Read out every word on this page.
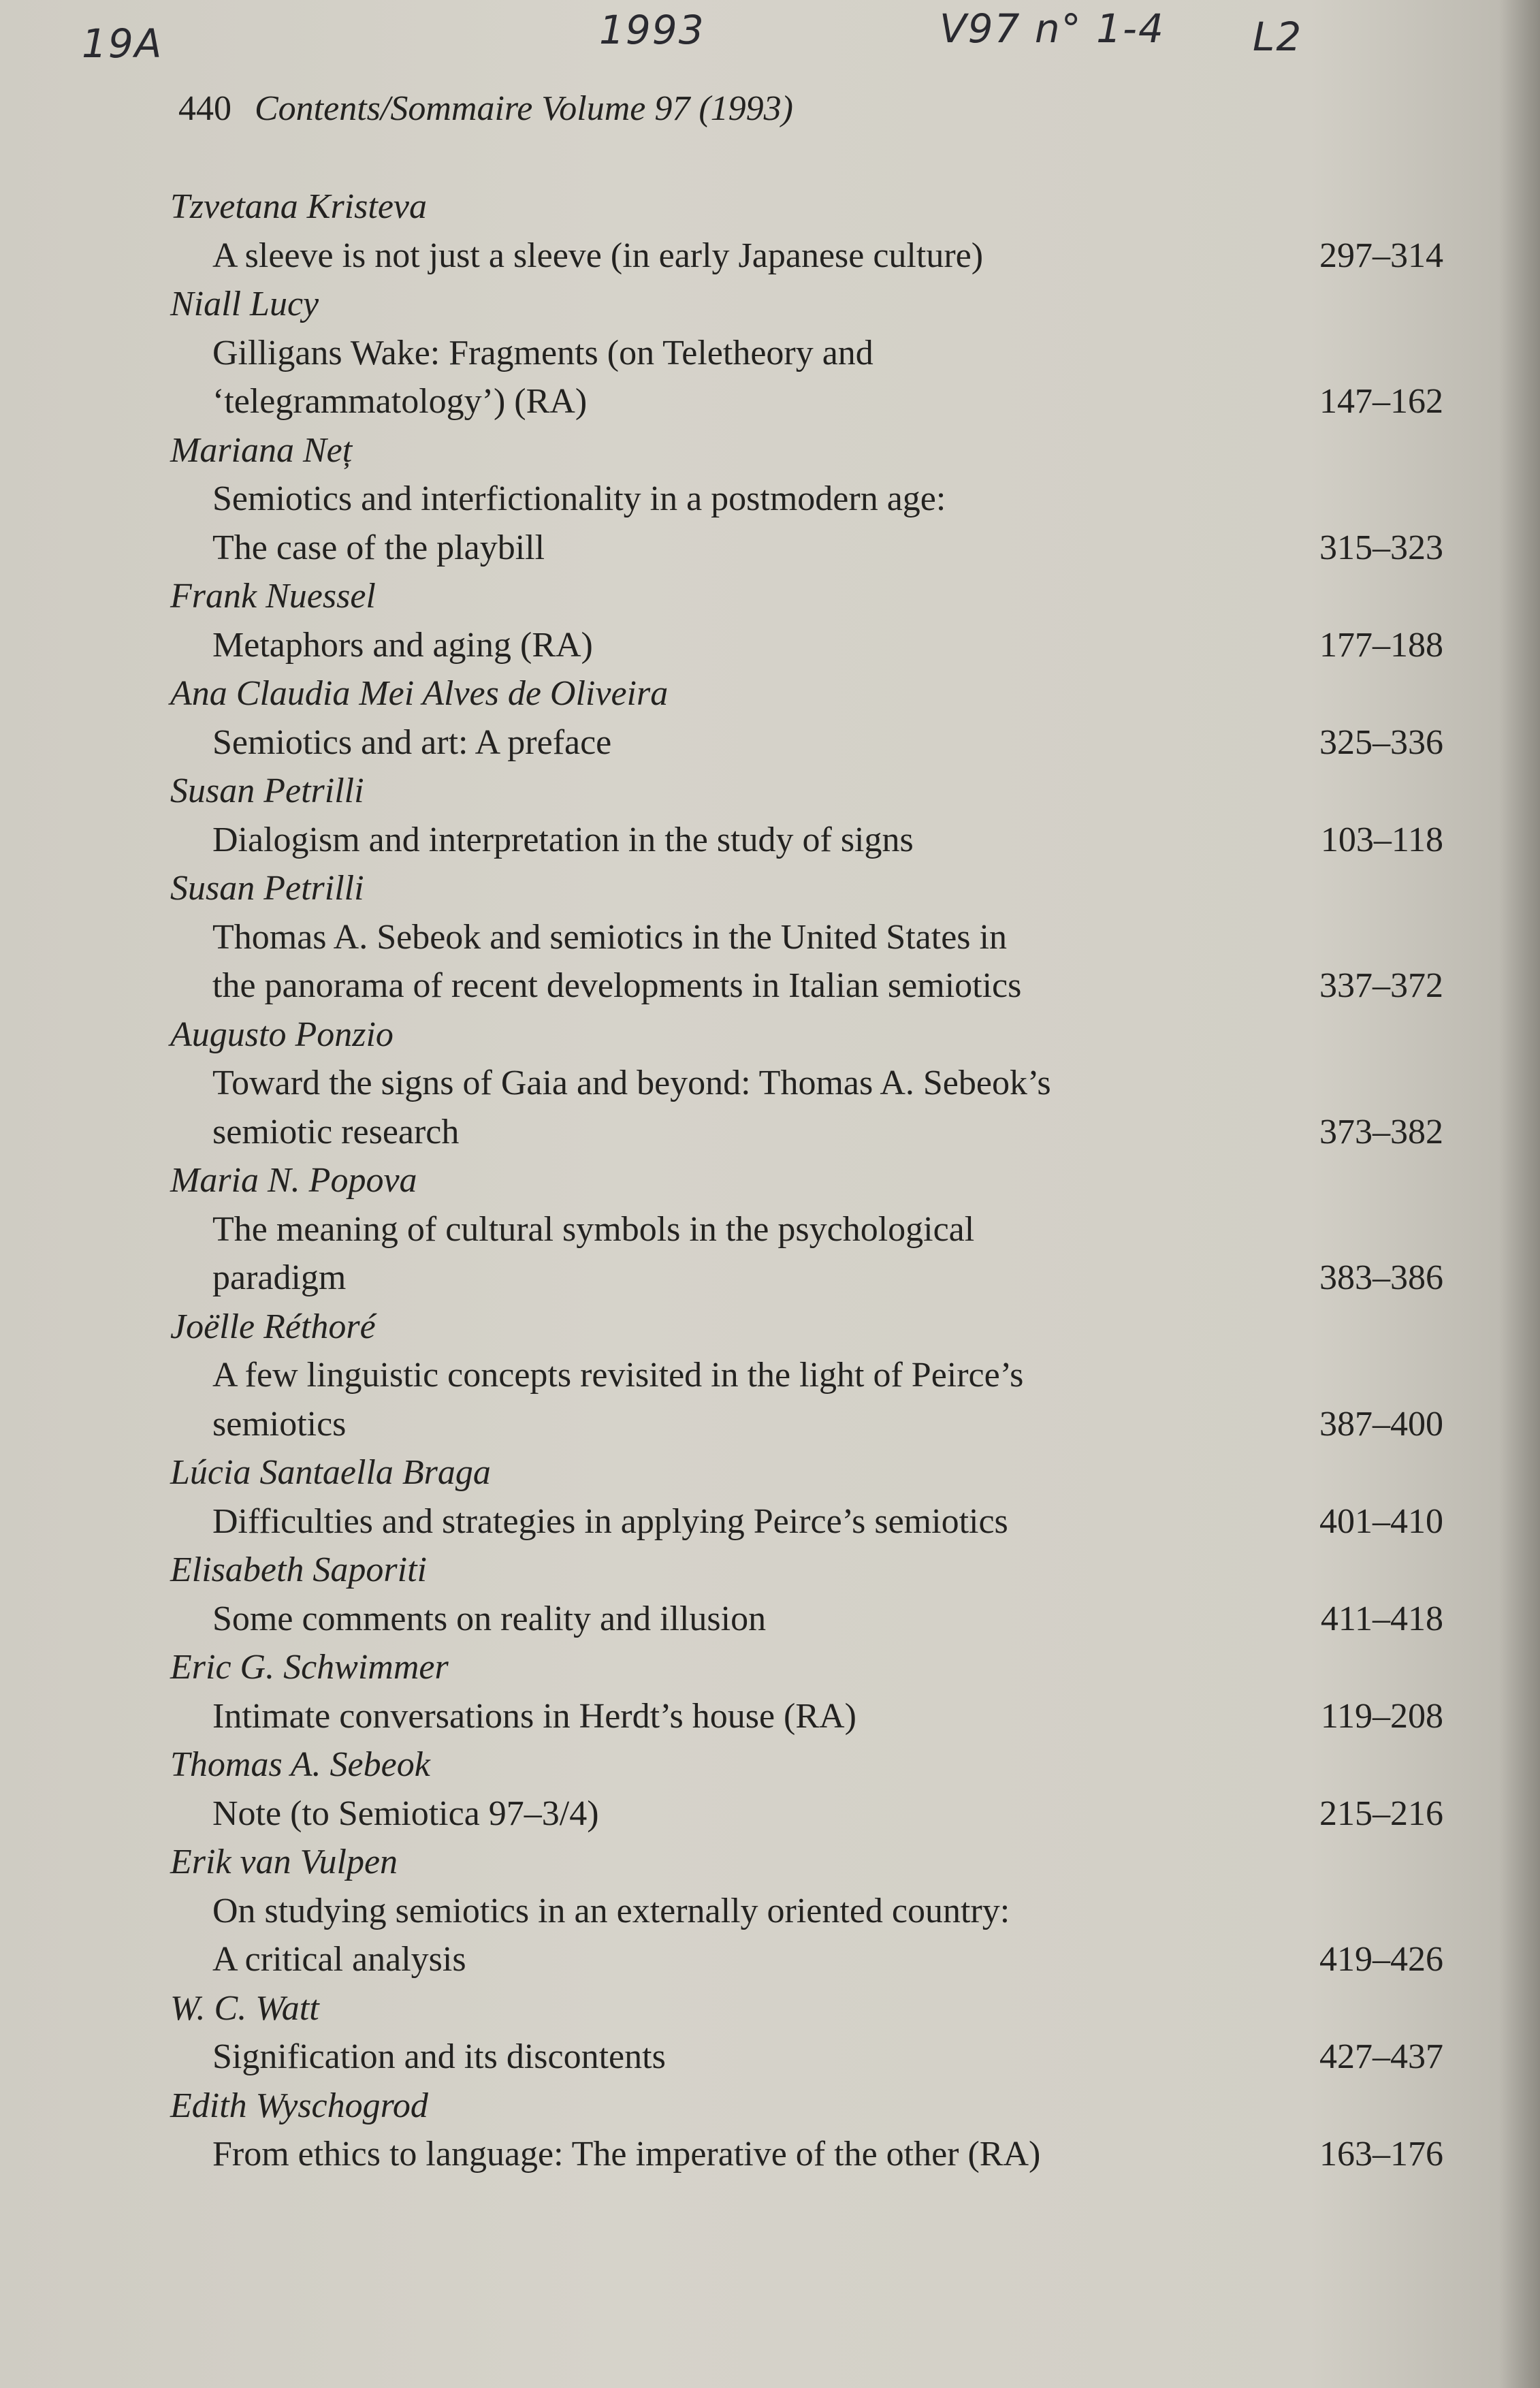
19A	1993	V97 n° 1-4 L2
440 Contents/Sommaire Volume 97 (1993)
Tzvetana Kristeva
A sleeve is not just a sleeve (in early Japanese culture)	297–314
Niall Lucy
Gilligans Wake: Fragments (on Teletheory and
‘telegrammatology’) (RA)	147–162
Mariana Neț
Semiotics and interfictionality in a postmodern age:
The case of the playbill	315–323
Frank Nuessel
Metaphors and aging (RA)	177–188
Ana Claudia Mei Alves de Oliveira
Semiotics and art: A preface	325–336
Susan Petrilli
Dialogism and interpretation in the study of signs	103–118
Susan Petrilli
Thomas A. Sebeok and semiotics in the United States in
the panorama of recent developments in Italian semiotics	337–372
Augusto Ponzio
Toward the signs of Gaia and beyond: Thomas A. Sebeok’s
semiotic research	373–382
Maria N. Popova
The meaning of cultural symbols in the psychological
paradigm	383–386
Joëlle Réthoré
A few linguistic concepts revisited in the light of Peirce’s
semiotics	387–400
Lúcia Santaella Braga
Difficulties and strategies in applying Peirce’s semiotics	401–410
Elisabeth Saporiti
Some comments on reality and illusion	411–418
Eric G. Schwimmer
Intimate conversations in Herdt’s house (RA)	119–208
Thomas A. Sebeok
Note (to Semiotica 97–3/4)	215–216
Erik van Vulpen
On studying semiotics in an externally oriented country:
A critical analysis	419–426
W. C. Watt
Signification and its discontents	427–437
Edith Wyschogrod
From ethics to language: The imperative of the other (RA)	163–176
